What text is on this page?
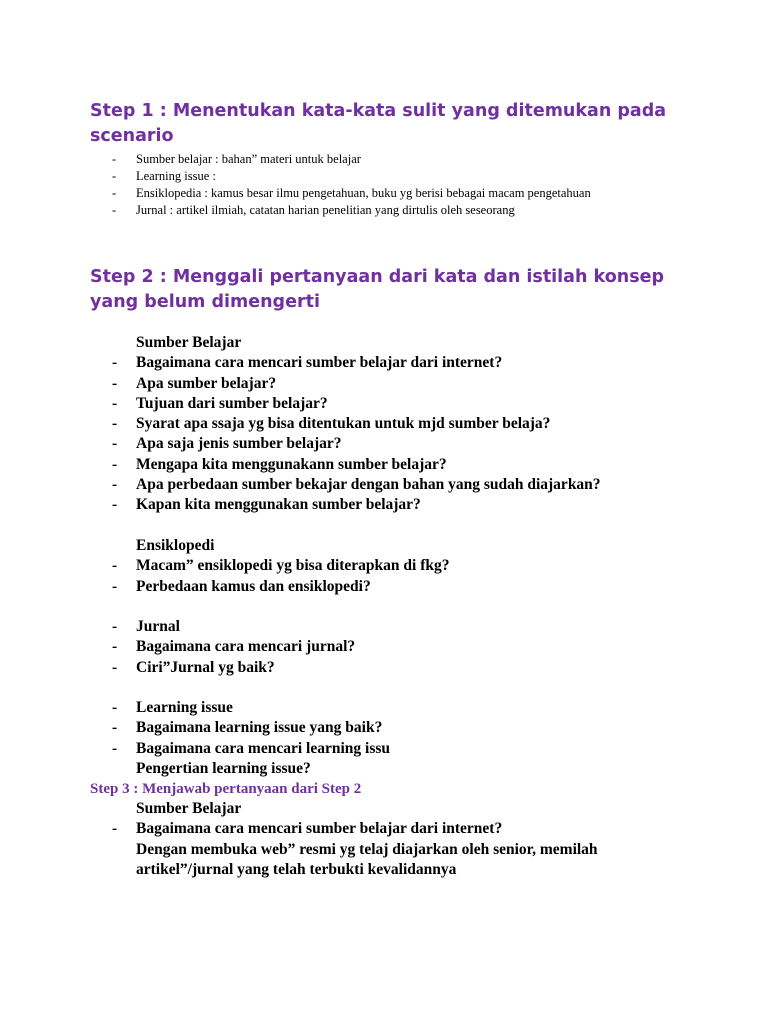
Step 1 : Menentukan kata-kata sulit yang ditemukan pada scenario
- Sumber belajar : bahan” materi untuk belajar
- Learning issue :
- Ensiklopedia : kamus besar ilmu pengetahuan, buku yg berisi bebagai macam pengetahuan
- Jurnal : artikel ilmiah, catatan harian penelitian yang dirtulis oleh seseorang
Step 2 : Menggali pertanyaan dari kata dan istilah konsep yang belum dimengerti
Sumber Belajar
- Bagaimana cara mencari sumber belajar dari internet?
- Apa sumber belajar?
- Tujuan dari sumber belajar?
- Syarat apa ssaja yg bisa ditentukan untuk mjd sumber belaja?
- Apa saja jenis sumber belajar?
- Mengapa kita menggunakann sumber belajar?
- Apa perbedaan sumber bekajar dengan bahan yang sudah diajarkan?
- Kapan kita menggunakan sumber belajar?
Ensiklopedi
- Macam” ensiklopedi yg bisa diterapkan di fkg?
- Perbedaan kamus dan ensiklopedi?
- Jurnal
- Bagaimana cara mencari jurnal?
- Ciri”Jurnal yg baik?
- Learning issue
- Bagaimana learning issue yang baik?
- Bagaimana cara mencari learning issu
Pengertian learning issue?
Step 3 : Menjawab pertanyaan dari Step 2
Sumber Belajar
- Bagaimana cara mencari sumber belajar dari internet?
Dengan membuka web” resmi yg telaj diajarkan oleh senior, memilah artikel”/jurnal yang telah terbukti kevalidannya
